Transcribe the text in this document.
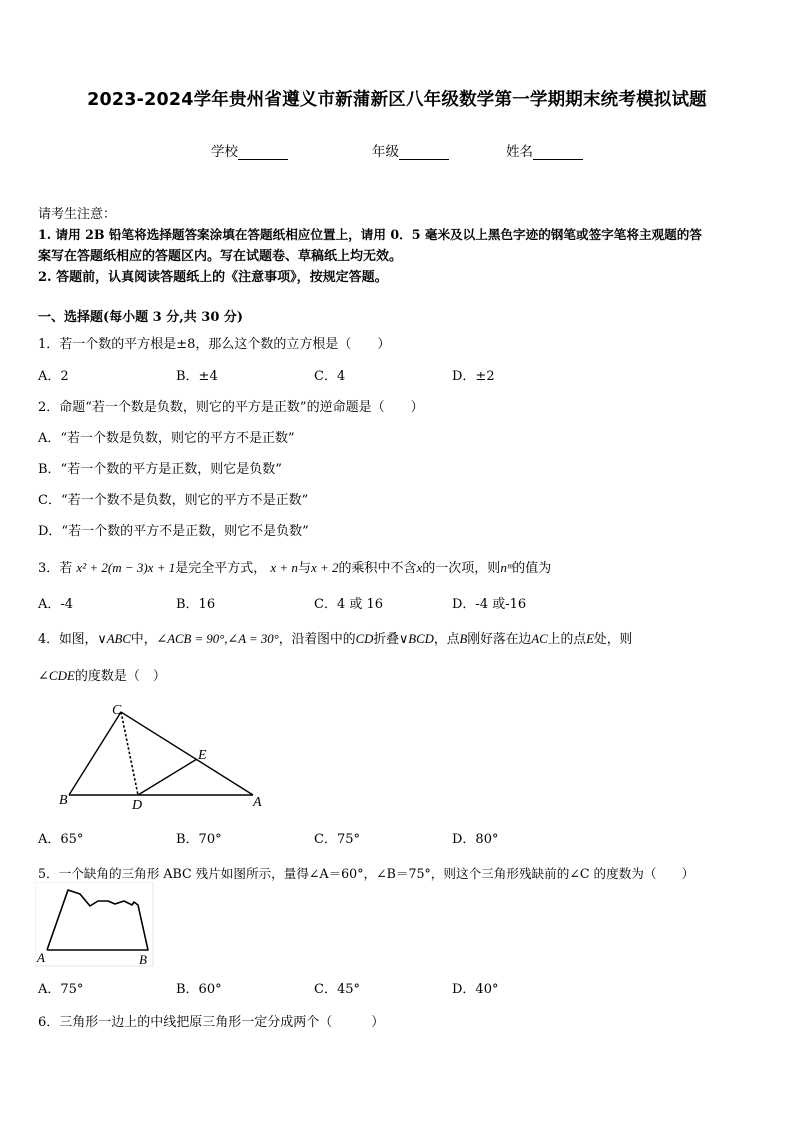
2023-2024学年贵州省遵义市新蒲新区八年级数学第一学期期末统考模拟试题
学校	年级	姓名
请考生注意：
1. 请用 2B 铅笔将选择题答案涂填在答题纸相应位置上，请用 0．5 毫米及以上黑色字迹的钢笔或签字笔将主观题的答
案写在答题纸相应的答题区内。写在试题卷、草稿纸上均无效。
2. 答题前，认真阅读答题纸上的《注意事项》，按规定答题。
一、选择题(每小题 3 分,共 30 分)
1．若一个数的平方根是±8，那么这个数的立方根是（　　）
A．2	B．±4	C．4	D．±2
2．命题“若一个数是负数，则它的平方是正数”的逆命题是（　　）
A．“若一个数是负数，则它的平方不是正数”
B．“若一个数的平方是正数，则它是负数”
C．“若一个数不是负数，则它的平方不是正数”
D．“若一个数的平方不是正数，则它不是负数”
3．若 x² + 2(m − 3)x + 1是完全平方式， x + n与x + 2的乘积中不含x的一次项，则nᵐ的值为
A．-4	B．16	C．4 或 16	D．-4 或-16
4．如图，∨ABC中，∠ACB = 90°,∠A = 30°，沿着图中的CD折叠∨BCD，点B刚好落在边AC上的点E处，则
∠CDE的度数是（　）
C
E
B	D	A
A．65°	B．70°	C．75°	D．80°
5．一个缺角的三角形 ABC 残片如图所示，量得∠A＝60°，∠B＝75°，则这个三角形残缺前的∠C 的度数为（　　）
A	B
A．75°	B．60°	C．45°	D．40°
6．三角形一边上的中线把原三角形一定分成两个（　　　）
